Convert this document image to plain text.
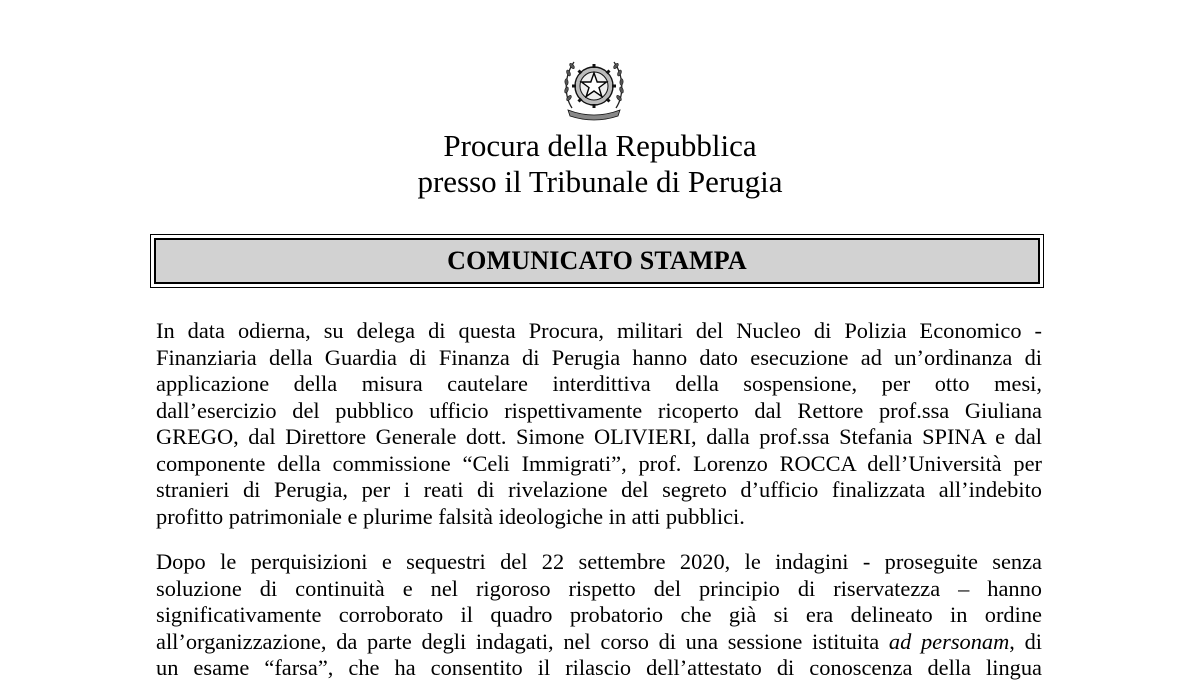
Procura della Repubblica
presso il Tribunale di Perugia
COMUNICATO STAMPA
In data odierna, su delega di questa Procura, militari del Nucleo di Polizia Economico -
Finanziaria della Guardia di Finanza di Perugia hanno dato esecuzione ad un’ordinanza di
applicazione della misura cautelare interdittiva della sospensione, per otto mesi,
dall’esercizio del pubblico ufficio rispettivamente ricoperto dal Rettore prof.ssa Giuliana
GREGO, dal Direttore Generale dott. Simone OLIVIERI, dalla prof.ssa Stefania SPINA e dal
componente della commissione “Celi Immigrati”, prof. Lorenzo ROCCA dell’Università per
stranieri di Perugia, per i reati di rivelazione del segreto d’ufficio finalizzata all’indebito
profitto patrimoniale e plurime falsità ideologiche in atti pubblici.
Dopo le perquisizioni e sequestri del 22 settembre 2020, le indagini - proseguite senza
soluzione di continuità e nel rigoroso rispetto del principio di riservatezza – hanno
significativamente corroborato il quadro probatorio che già si era delineato in ordine
all’organizzazione, da parte degli indagati, nel corso di una sessione istituita ad personam, di
un esame “farsa”, che ha consentito il rilascio dell’attestato di conoscenza della lingua
